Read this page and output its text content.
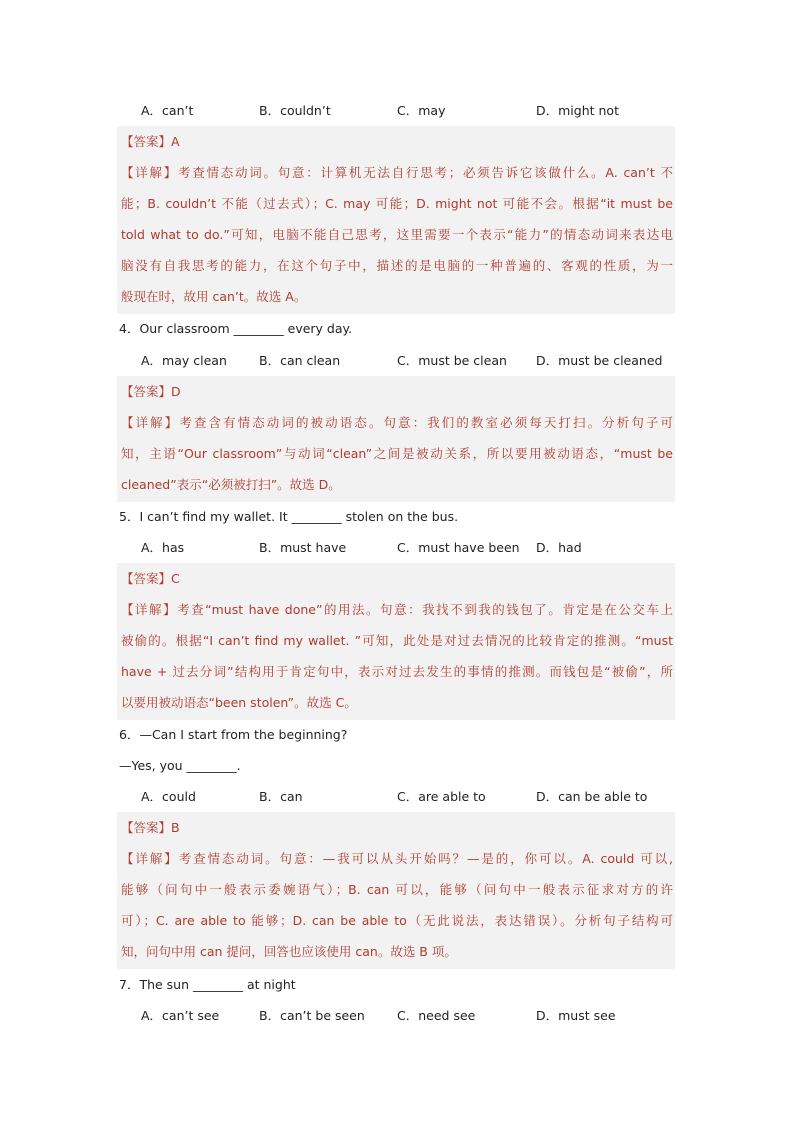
A．can’t	B．couldn’t	C．may	D．might not
【答案】A
【详解】考查情态动词。句意：计算机无法自行思考；必须告诉它该做什么。A. can’t 不
能；B. couldn’t 不能（过去式）；C. may 可能；D. might not 可能不会。根据“it must be
told what to do.”可知，电脑不能自己思考，这里需要一个表示“能力”的情态动词来表达电
脑没有自我思考的能力，在这个句子中，描述的是电脑的一种普遍的、客观的性质，为一
般现在时，故用 can’t。故选 A。
4．Our classroom ________ every day.
A．may clean	B．can clean	C．must be clean D．must be cleaned
【答案】D
【详解】考查含有情态动词的被动语态。句意：我们的教室必须每天打扫。分析句子可
知，主语“Our classroom”与动词“clean”之间是被动关系，所以要用被动语态，“must be
cleaned”表示“必须被打扫”。故选 D。
5．I can’t find my wallet. It ________ stolen on the bus.
A．has	B．must have	C．must have been D．had
【答案】C
【详解】考查“must have done”的用法。句意：我找不到我的钱包了。肯定是在公交车上
被偷的。根据“I can’t find my wallet. ”可知，此处是对过去情况的比较肯定的推测。“must
have + 过去分词”结构用于肯定句中，表示对过去发生的事情的推测。而钱包是“被偷”，所
以要用被动语态“been stolen”。故选 C。
6．—Can I start from the beginning?
—Yes, you ________.
A．could	B．can	C．are able to	D．can be able to
【答案】B
【详解】考查情态动词。句意：—我可以从头开始吗？—是的，你可以。A. could 可以,
能够（问句中一般表示委婉语气）；B. can 可以，能够（问句中一般表示征求对方的许
可）；C. are able to 能够；D. can be able to（无此说法，表达错误）。分析句子结构可
知，问句中用 can 提问，回答也应该使用 can。故选 B 项。
7．The sun ________ at night
A．can’t see	B．can’t be seen	C．need see	D．must see
